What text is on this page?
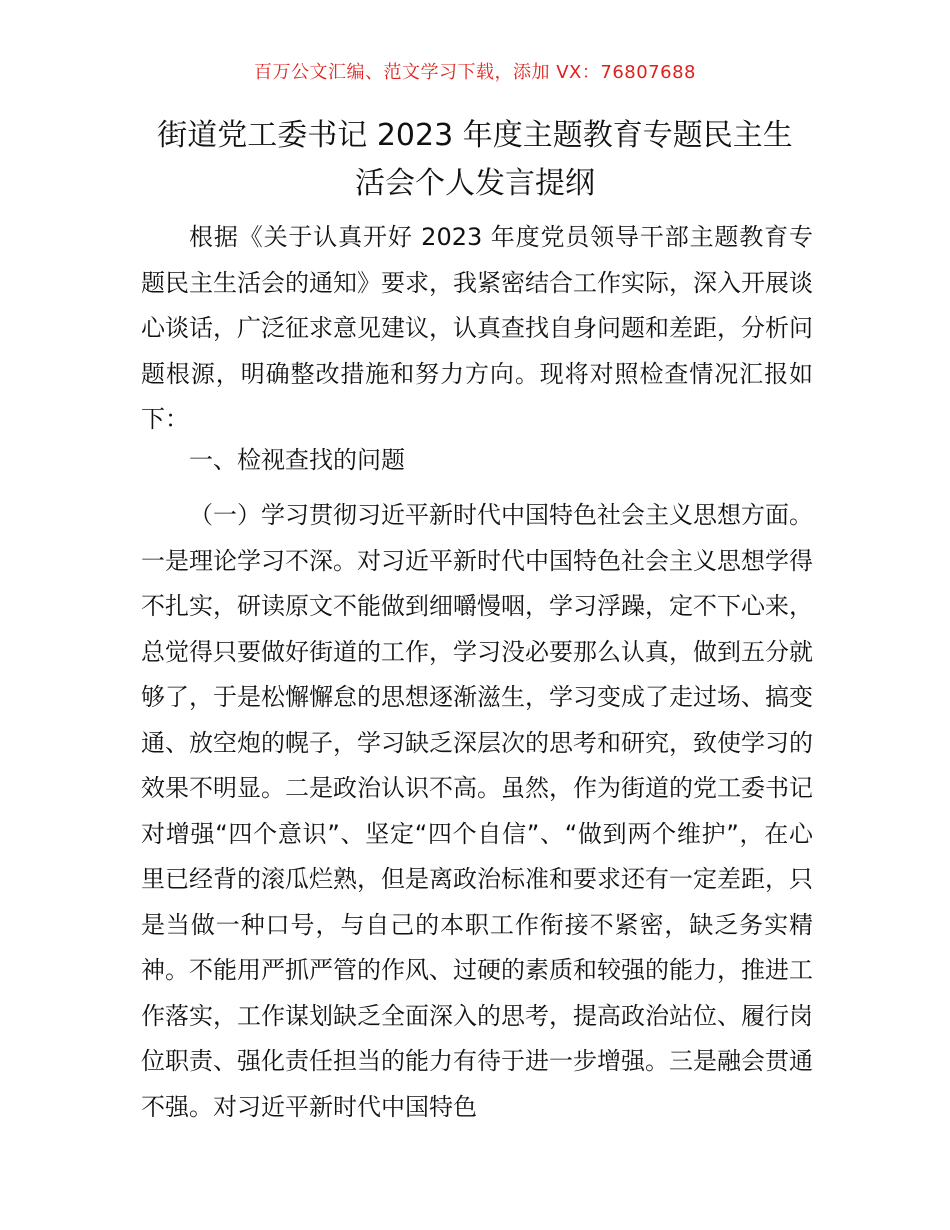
百万公文汇编、范文学习下载，添加 VX：76807688
街道党工委书记 2023 年度主题教育专题民主生
活会个人发言提纲

根据《关于认真开好 2023 年度党员领导干部主题教育专题民主生活会的通知》要求，我紧密结合工作实际，深入开展谈心谈话，广泛征求意见建议，认真查找自身问题和差距，分析问题根源，明确整改措施和努力方向。现将对照检查情况汇报如下：

一、检视查找的问题

（一）学习贯彻习近平新时代中国特色社会主义思想方面。一是理论学习不深。对习近平新时代中国特色社会主义思想学得不扎实，研读原文不能做到细嚼慢咽，学习浮躁，定不下心来，总觉得只要做好街道的工作，学习没必要那么认真，做到五分就够了，于是松懈懈怠的思想逐渐滋生，学习变成了走过场、搞变通、放空炮的幌子，学习缺乏深层次的思考和研究，致使学习的效果不明显。二是政治认识不高。虽然，作为街道的党工委书记对增强“四个意识”、坚定“四个自信”、“做到两个维护”，在心里已经背的滚瓜烂熟，但是离政治标准和要求还有一定差距，只是当做一种口号，与自己的本职工作衔接不紧密，缺乏务实精神。不能用严抓严管的作风、过硬的素质和较强的能力，推进工作落实，工作谋划缺乏全面深入的思考，提高政治站位、履行岗位职责、强化责任担当的能力有待于进一步增强。三是融会贯通不强。对习近平新时代中国特色
